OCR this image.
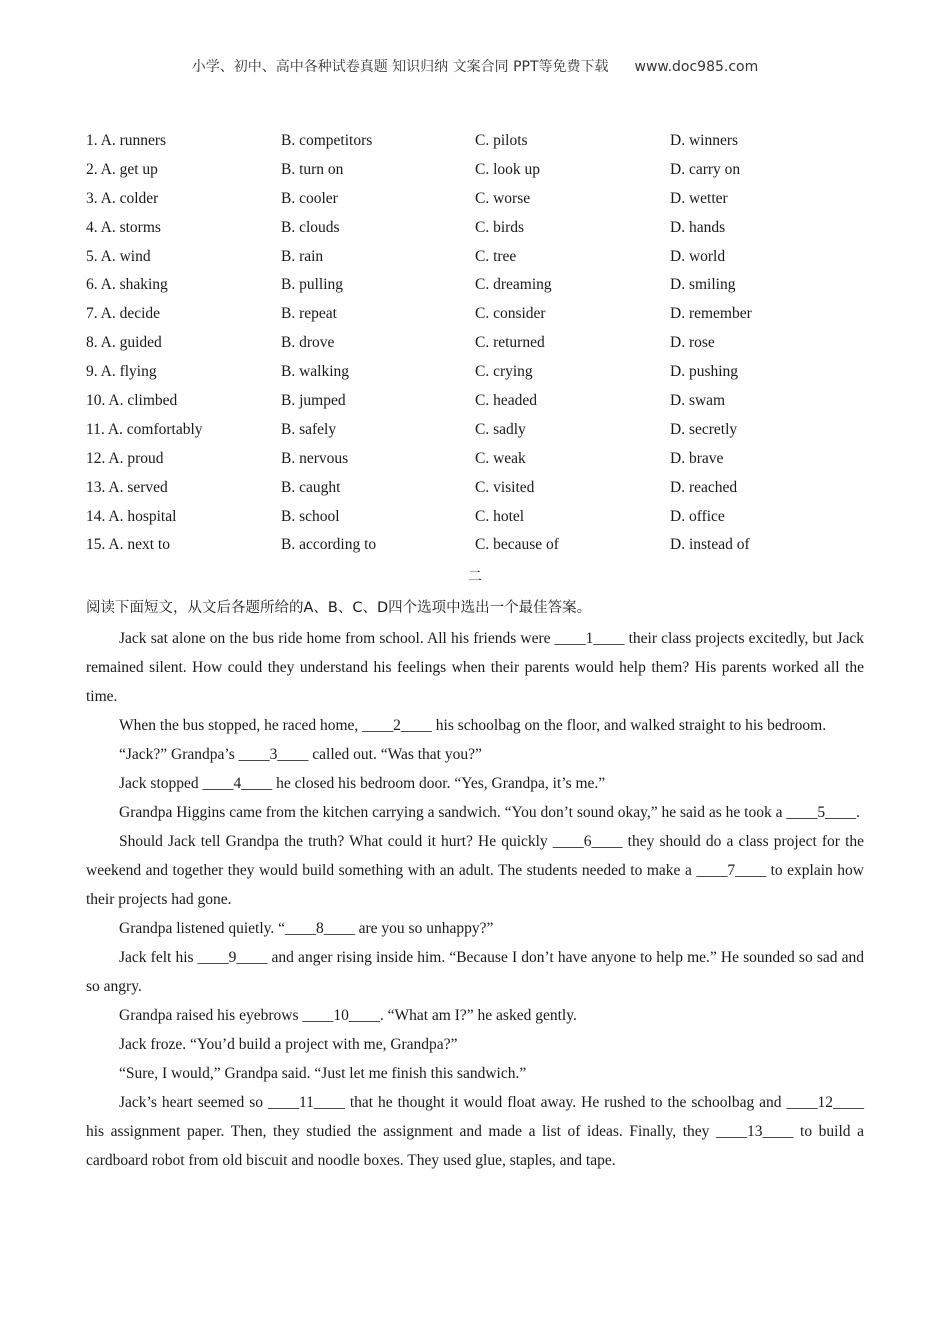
小学、初中、高中各种试卷真题 知识归纳 文案合同 PPT等免费下载 www.doc985.com
1. A. runners	B. competitors	C. pilots	D. winners
2. A. get up	B. turn on	C. look up	D. carry on
3. A. colder	B. cooler	C. worse	D. wetter
4. A. storms	B. clouds	C. birds	D. hands
5. A. wind	B. rain	C. tree	D. world
6. A. shaking	B. pulling	C. dreaming	D. smiling
7. A. decide	B. repeat	C. consider	D. remember
8. A. guided	B. drove	C. returned	D. rose
9. A. flying	B. walking	C. crying	D. pushing
10. A. climbed	B. jumped	C. headed	D. swam
11. A. comfortably	B. safely	C. sadly	D. secretly
12. A. proud	B. nervous	C. weak	D. brave
13. A. served	B. caught	C. visited	D. reached
14. A. hospital	B. school	C. hotel	D. office
15. A. next to	B. according to	C. because of	D. instead of
二
阅读下面短文，从文后各题所给的A、B、C、D四个选项中选出一个最佳答案。

Jack sat alone on the bus ride home from school. All his friends were ____1____ their class projects excitedly, but Jack remained silent. How could they understand his feelings when their parents would help them? His parents worked all the time.

When the bus stopped, he raced home, ____2____ his schoolbag on the floor, and walked straight to his bedroom.

“Jack?” Grandpa’s ____3____ called out. “Was that you?”

Jack stopped ____4____ he closed his bedroom door. “Yes, Grandpa, it’s me.”

Grandpa Higgins came from the kitchen carrying a sandwich. “You don’t sound okay,” he said as he took a ____5____.

Should Jack tell Grandpa the truth? What could it hurt? He quickly ____6____ they should do a class project for the weekend and together they would build something with an adult. The students needed to make a ____7____ to explain how their projects had gone.

Grandpa listened quietly. “____8____ are you so unhappy?”

Jack felt his ____9____ and anger rising inside him. “Because I don’t have anyone to help me.” He sounded so sad and so angry.

Grandpa raised his eyebrows ____10____. “What am I?” he asked gently.

Jack froze. “You’d build a project with me, Grandpa?”

“Sure, I would,” Grandpa said. “Just let me finish this sandwich.”

Jack’s heart seemed so ____11____ that he thought it would float away. He rushed to the schoolbag and ____12____ his assignment paper. Then, they studied the assignment and made a list of ideas. Finally, they ____13____ to build a cardboard robot from old biscuit and noodle boxes. They used glue, staples, and tape.
